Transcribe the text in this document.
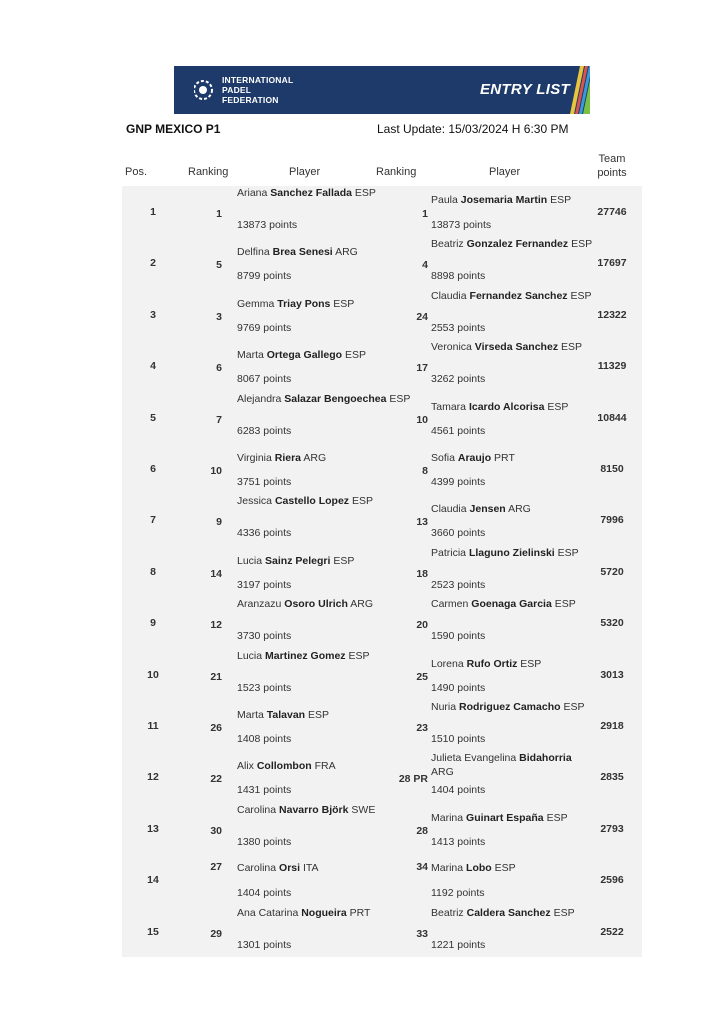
INTERNATIONAL
PADEL
FEDERATION
ENTRY LIST
GNP MEXICO P1	Last Update: 15/03/2024 H 6:30 PM
Pos.	Ranking	Player	Ranking	Player
Team
points
1	1
Ariana Sanchez Fallada ESP
13873 points
1
Paula Josemaria Martin ESP
13873 points
27746
2	5
Delfina Brea Senesi ARG
8799 points
4
Beatriz Gonzalez Fernandez ESP
8898 points
17697
3	3
Gemma Triay Pons ESP
9769 points
24
Claudia Fernandez Sanchez ESP
2553 points
12322
4	6
Marta Ortega Gallego ESP
8067 points
17
Veronica Virseda Sanchez ESP
3262 points
11329
5	7
Alejandra Salazar Bengoechea ESP
6283 points
10
Tamara Icardo Alcorisa ESP
4561 points
10844
6	10
Virginia Riera ARG
3751 points
8
Sofia Araujo PRT
4399 points
8150
7	9
Jessica Castello Lopez ESP
4336 points
13
Claudia Jensen ARG
3660 points
7996
8	14
Lucia Sainz Pelegri ESP
3197 points
18
Patricia Llaguno Zielinski ESP
2523 points
5720
9	12
Aranzazu Osoro Ulrich ARG
3730 points
20
Carmen Goenaga Garcia ESP
1590 points
5320
10	21
Lucia Martinez Gomez ESP
1523 points
25
Lorena Rufo Ortiz ESP
1490 points
3013
11	26
Marta Talavan ESP
1408 points
23
Nuria Rodriguez Camacho ESP
1510 points
2918
12	22
Alix Collombon FRA
1431 points
28 PR
Julieta Evangelina Bidahorria ARG
1404 points
2835
13	30
Carolina Navarro Björk SWE
1380 points
28
Marina Guinart España ESP
1413 points
2793
14
27 Carolina Orsi ITA
1404 points
34 Marina Lobo ESP
1192 points
2596
15	29
Ana Catarina Nogueira PRT
1301 points
33
Beatriz Caldera Sanchez ESP
1221 points
2522
